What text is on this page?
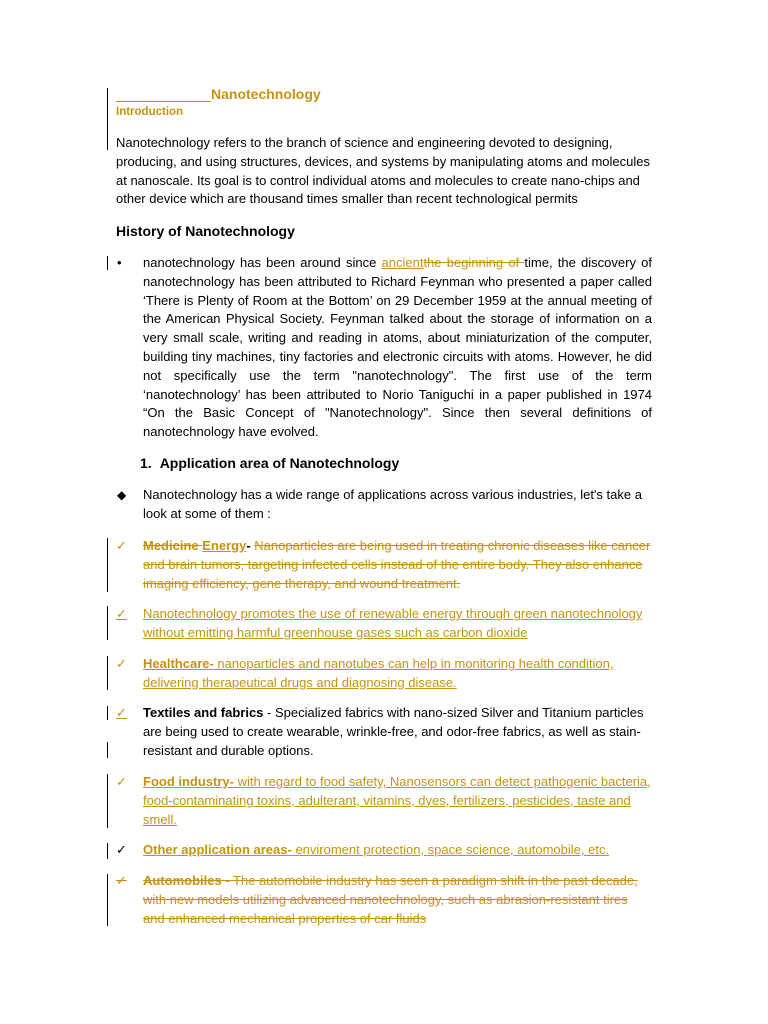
Nanotechnology
Introduction
Nanotechnology refers to the branch of science and engineering devoted to designing, producing, and using structures, devices, and systems by manipulating atoms and molecules at nanoscale. Its goal is to control individual atoms and molecules to create nano-chips and other device which are thousand times smaller than recent technological permits
History of Nanotechnology
• nanotechnology has been around since ancientthe beginning of time, the discovery of nanotechnology has been attributed to Richard Feynman who presented a paper called ‘There is Plenty of Room at the Bottom’ on 29 December 1959 at the annual meeting of the American Physical Society. Feynman talked about the storage of information on a very small scale, writing and reading in atoms, about miniaturization of the computer, building tiny machines, tiny factories and electronic circuits with atoms. However, he did not specifically use the term "nanotechnology". The first use of the term ‘nanotechnology’ has been attributed to Norio Taniguchi in a paper published in 1974 “On the Basic Concept of "Nanotechnology". Since then several definitions of nanotechnology have evolved.
1. Application area of Nanotechnology
◆ Nanotechnology has a wide range of applications across various industries, let's take a look at some of them :
✓ Medicine Energy- Nanoparticles are being used in treating chronic diseases like cancer and brain tumors, targeting infected cells instead of the entire body. They also enhance imaging efficiency, gene therapy, and wound treatment.
✓ Nanotechnology promotes the use of renewable energy through green nanotechnology without emitting harmful greenhouse gases such as carbon dioxide
✓ Healthcare- nanoparticles and nanotubes can help in monitoring health condition, delivering therapeutical drugs and diagnosing disease.
✓ Textiles and fabrics - Specialized fabrics with nano-sized Silver and Titanium particles are being used to create wearable, wrinkle-free, and odor-free fabrics, as well as stain-resistant and durable options.
✓ Food industry- with regard to food safety, Nanosensors can detect pathogenic bacteria, food-contaminating toxins, adulterant, vitamins, dyes, fertilizers, pesticides, taste and smell.
✓ Other application areas- enviroment protection, space science, automobile, etc.
✓ Automobiles - The automobile industry has seen a paradigm shift in the past decade, with new models utilizing advanced nanotechnology, such as abrasion-resistant tires and enhanced mechanical properties of car fluids
